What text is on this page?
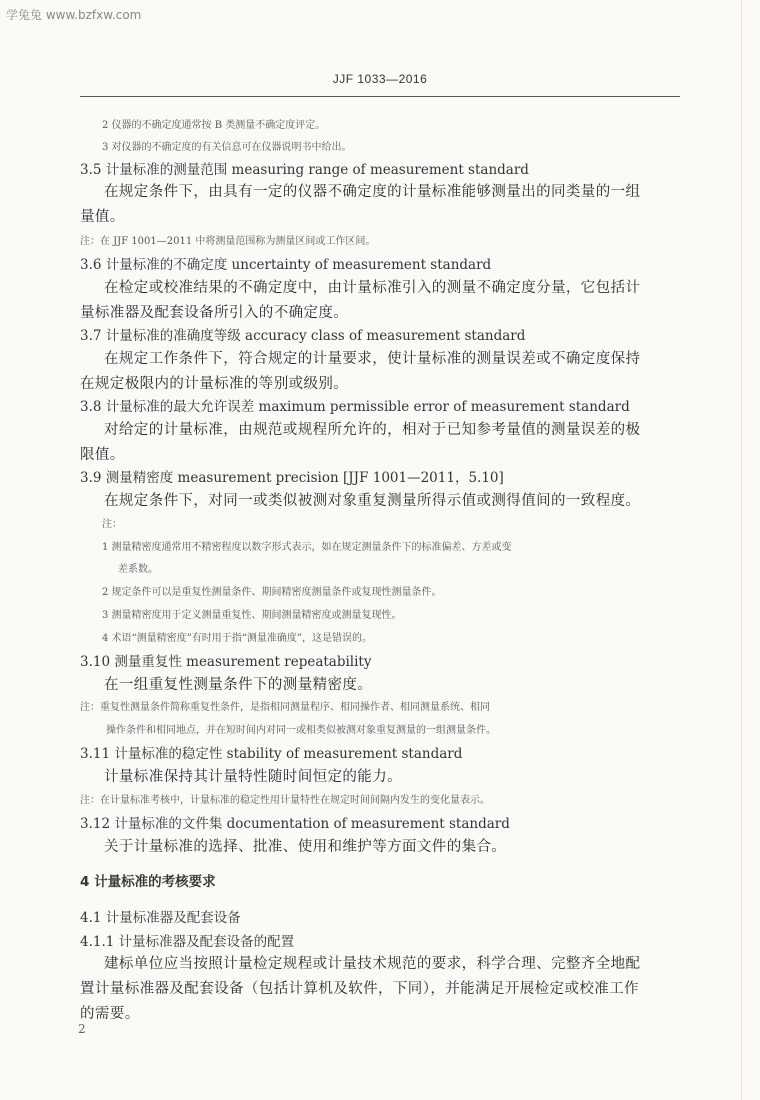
学兔兔 www.bzfxw.com
JJF 1033—2016
2 仪器的不确定度通常按 B 类测量不确定度评定。
3 对仪器的不确定度的有关信息可在仪器说明书中给出。
3.5 计量标准的测量范围 measuring range of measurement standard
在规定条件下，由具有一定的仪器不确定度的计量标准能够测量出的同类量的一组
量值。
注：在 JJF 1001—2011 中将测量范围称为测量区间或工作区间。
3.6 计量标准的不确定度 uncertainty of measurement standard
在检定或校准结果的不确定度中，由计量标准引入的测量不确定度分量，它包括计
量标准器及配套设备所引入的不确定度。
3.7 计量标准的准确度等级 accuracy class of measurement standard
在规定工作条件下，符合规定的计量要求，使计量标准的测量误差或不确定度保持
在规定极限内的计量标准的等别或级别。
3.8 计量标准的最大允许误差 maximum permissible error of measurement standard
对给定的计量标准，由规范或规程所允许的，相对于已知参考量值的测量误差的极
限值。
3.9 测量精密度 measurement precision [JJF 1001—2011，5.10]
在规定条件下，对同一或类似被测对象重复测量所得示值或测得值间的一致程度。
注：
1 测量精密度通常用不精密程度以数字形式表示，如在规定测量条件下的标准偏差、方差或变
差系数。
2 规定条件可以是重复性测量条件、期间精密度测量条件或复现性测量条件。
3 测量精密度用于定义测量重复性、期间测量精密度或测量复现性。
4 术语“测量精密度”有时用于指“测量准确度”，这是错误的。
3.10 测量重复性 measurement repeatability
在一组重复性测量条件下的测量精密度。
注：重复性测量条件简称重复性条件，是指相同测量程序、相同操作者、相同测量系统、相同
操作条件和相同地点，并在短时间内对同一或相类似被测对象重复测量的一组测量条件。
3.11 计量标准的稳定性 stability of measurement standard
计量标准保持其计量特性随时间恒定的能力。
注：在计量标准考核中，计量标准的稳定性用计量特性在规定时间间隔内发生的变化量表示。
3.12 计量标准的文件集 documentation of measurement standard
关于计量标准的选择、批准、使用和维护等方面文件的集合。
4 计量标准的考核要求
4.1 计量标准器及配套设备
4.1.1 计量标准器及配套设备的配置
建标单位应当按照计量检定规程或计量技术规范的要求，科学合理、完整齐全地配
置计量标准器及配套设备（包括计算机及软件，下同），并能满足开展检定或校准工作
的需要。
2
